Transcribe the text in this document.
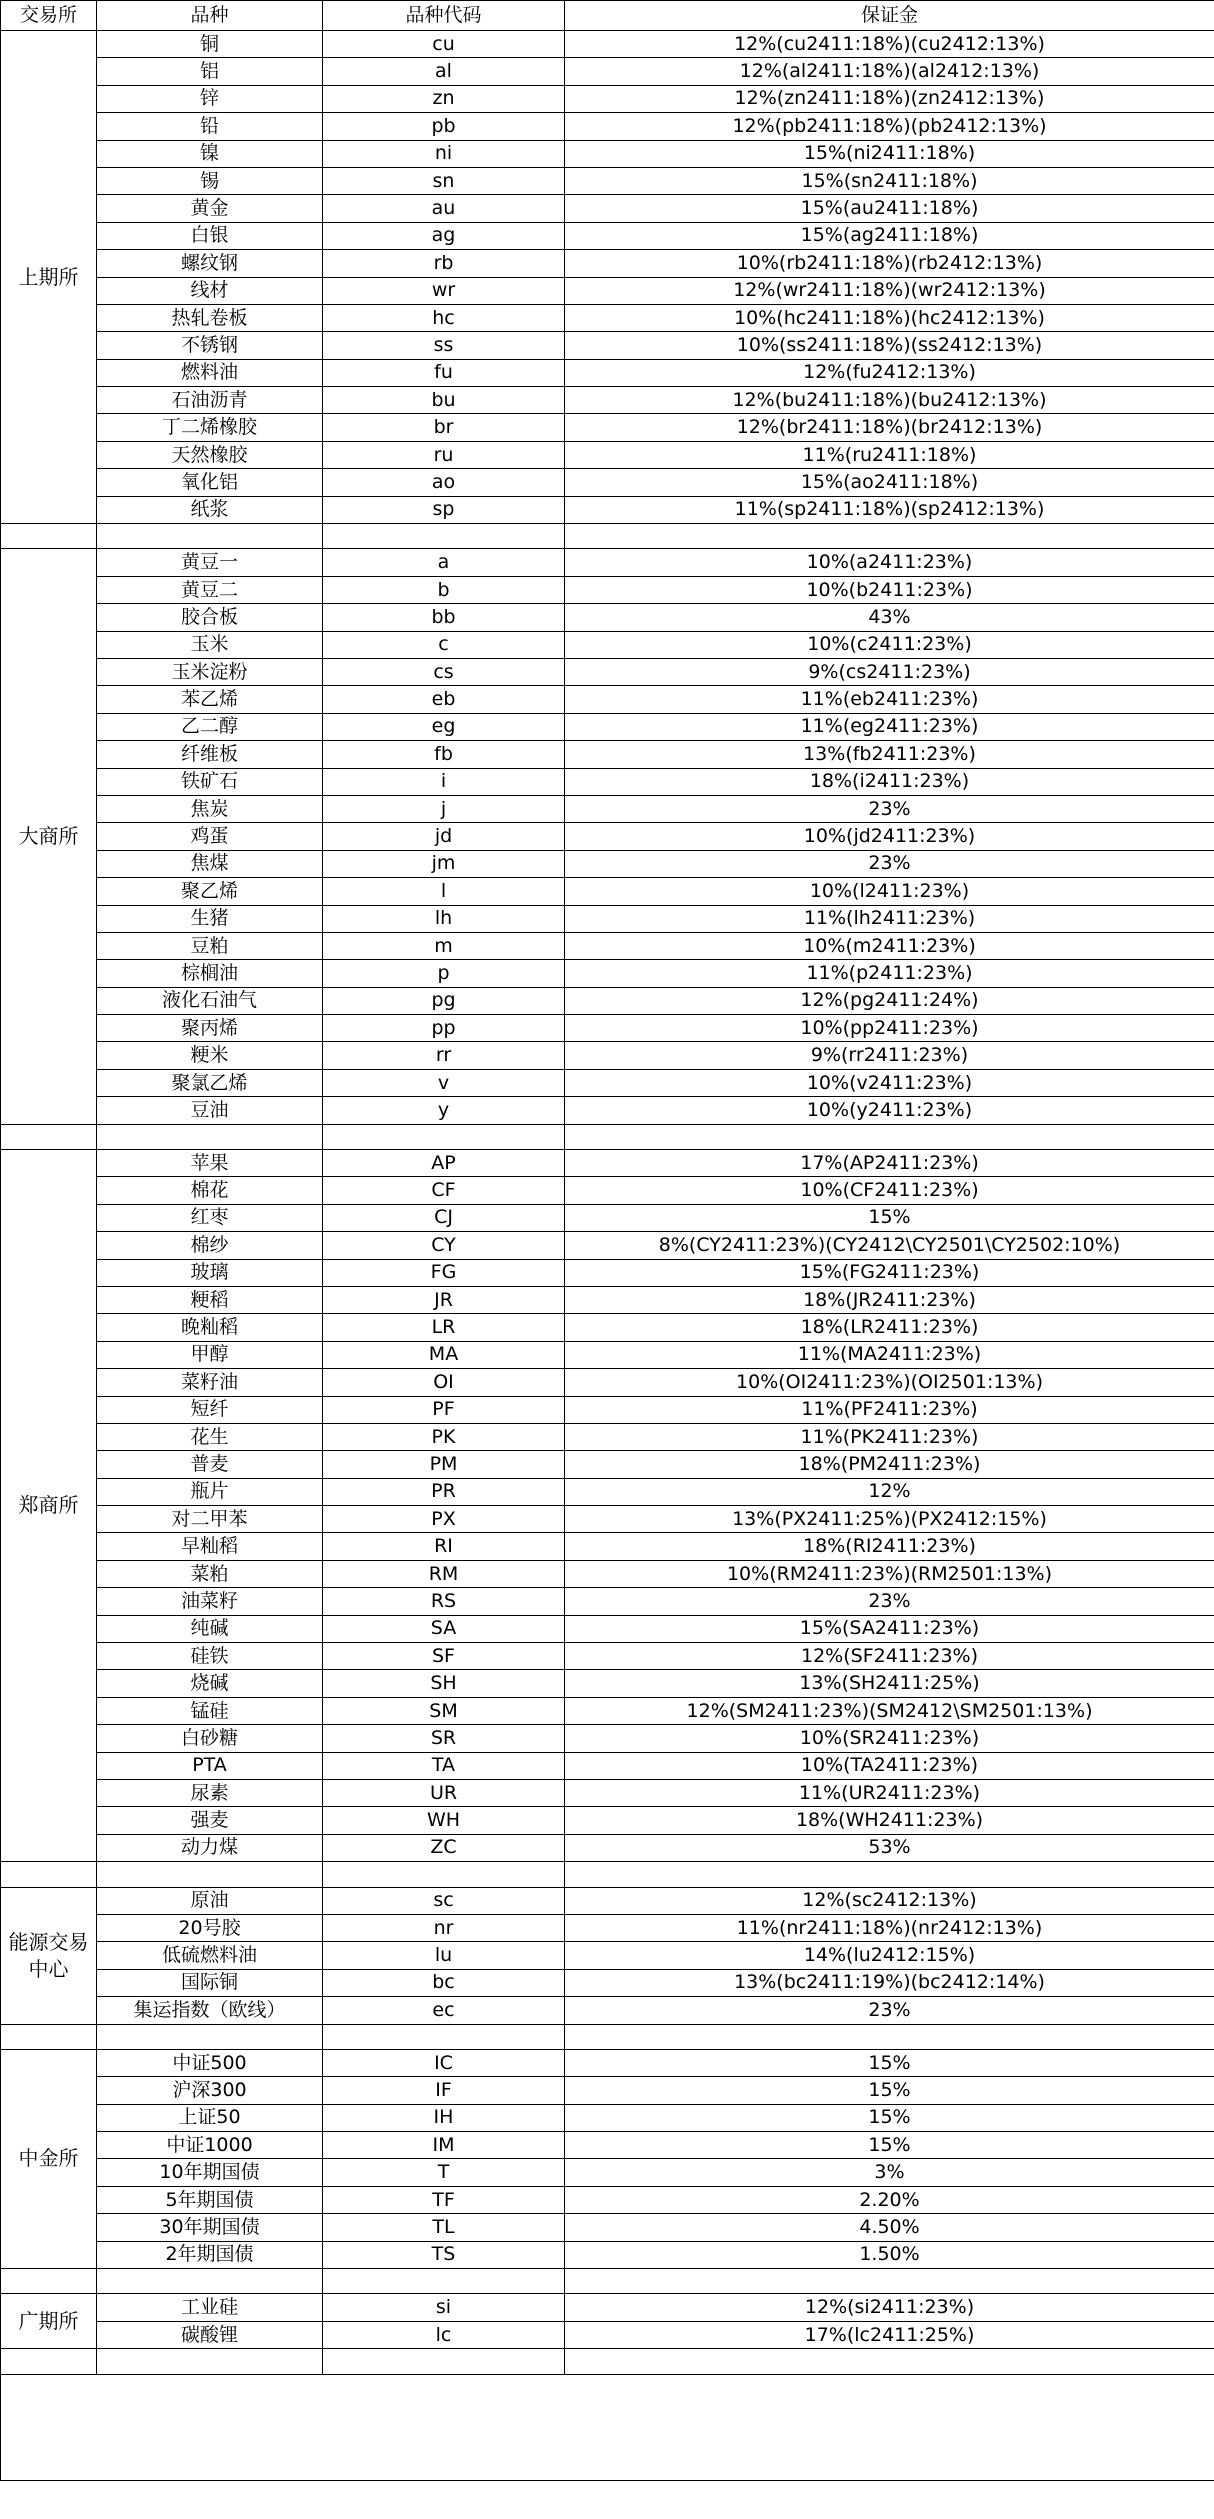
交易所	品种	品种代码	保证金
上期所	铜	cu	12%(cu2411:18%)(cu2412:13%)
	铝	al	12%(al2411:18%)(al2412:13%)
	锌	zn	12%(zn2411:18%)(zn2412:13%)
	铅	pb	12%(pb2411:18%)(pb2412:13%)
	镍	ni	15%(ni2411:18%)
	锡	sn	15%(sn2411:18%)
	黄金	au	15%(au2411:18%)
	白银	ag	15%(ag2411:18%)
	螺纹钢	rb	10%(rb2411:18%)(rb2412:13%)
	线材	wr	12%(wr2411:18%)(wr2412:13%)
	热轧卷板	hc	10%(hc2411:18%)(hc2412:13%)
	不锈钢	ss	10%(ss2411:18%)(ss2412:13%)
	燃料油	fu	12%(fu2412:13%)
	石油沥青	bu	12%(bu2411:18%)(bu2412:13%)
	丁二烯橡胶	br	12%(br2411:18%)(br2412:13%)
	天然橡胶	ru	11%(ru2411:18%)
	氧化铝	ao	15%(ao2411:18%)
	纸浆	sp	11%(sp2411:18%)(sp2412:13%)

大商所	黄豆一	a	10%(a2411:23%)
	黄豆二	b	10%(b2411:23%)
	胶合板	bb	43%
	玉米	c	10%(c2411:23%)
	玉米淀粉	cs	9%(cs2411:23%)
	苯乙烯	eb	11%(eb2411:23%)
	乙二醇	eg	11%(eg2411:23%)
	纤维板	fb	13%(fb2411:23%)
	铁矿石	i	18%(i2411:23%)
	焦炭	j	23%
	鸡蛋	jd	10%(jd2411:23%)
	焦煤	jm	23%
	聚乙烯	l	10%(l2411:23%)
	生猪	lh	11%(lh2411:23%)
	豆粕	m	10%(m2411:23%)
	棕榈油	p	11%(p2411:23%)
	液化石油气	pg	12%(pg2411:24%)
	聚丙烯	pp	10%(pp2411:23%)
	粳米	rr	9%(rr2411:23%)
	聚氯乙烯	v	10%(v2411:23%)
	豆油	y	10%(y2411:23%)

郑商所	苹果	AP	17%(AP2411:23%)
	棉花	CF	10%(CF2411:23%)
	红枣	CJ	15%
	棉纱	CY	8%(CY2411:23%)(CY2412\CY2501\CY2502:10%)
	玻璃	FG	15%(FG2411:23%)
	粳稻	JR	18%(JR2411:23%)
	晚籼稻	LR	18%(LR2411:23%)
	甲醇	MA	11%(MA2411:23%)
	菜籽油	OI	10%(OI2411:23%)(OI2501:13%)
	短纤	PF	11%(PF2411:23%)
	花生	PK	11%(PK2411:23%)
	普麦	PM	18%(PM2411:23%)
	瓶片	PR	12%
	对二甲苯	PX	13%(PX2411:25%)(PX2412:15%)
	早籼稻	RI	18%(RI2411:23%)
	菜粕	RM	10%(RM2411:23%)(RM2501:13%)
	油菜籽	RS	23%
	纯碱	SA	15%(SA2411:23%)
	硅铁	SF	12%(SF2411:23%)
	烧碱	SH	13%(SH2411:25%)
	锰硅	SM	12%(SM2411:23%)(SM2412\SM2501:13%)
	白砂糖	SR	10%(SR2411:23%)
	PTA	TA	10%(TA2411:23%)
	尿素	UR	11%(UR2411:23%)
	强麦	WH	18%(WH2411:23%)
	动力煤	ZC	53%

能源交易中心	原油	sc	12%(sc2412:13%)
	20号胶	nr	11%(nr2411:18%)(nr2412:13%)
	低硫燃料油	lu	14%(lu2412:15%)
	国际铜	bc	13%(bc2411:19%)(bc2412:14%)
	集运指数（欧线）	ec	23%

中金所	中证500	IC	15%
	沪深300	IF	15%
	上证50	IH	15%
	中证1000	IM	15%
	10年期国债	T	3%
	5年期国债	TF	2.20%
	30年期国债	TL	4.50%
	2年期国债	TS	1.50%

广期所	工业硅	si	12%(si2411:23%)
	碳酸锂	lc	17%(lc2411:25%)
